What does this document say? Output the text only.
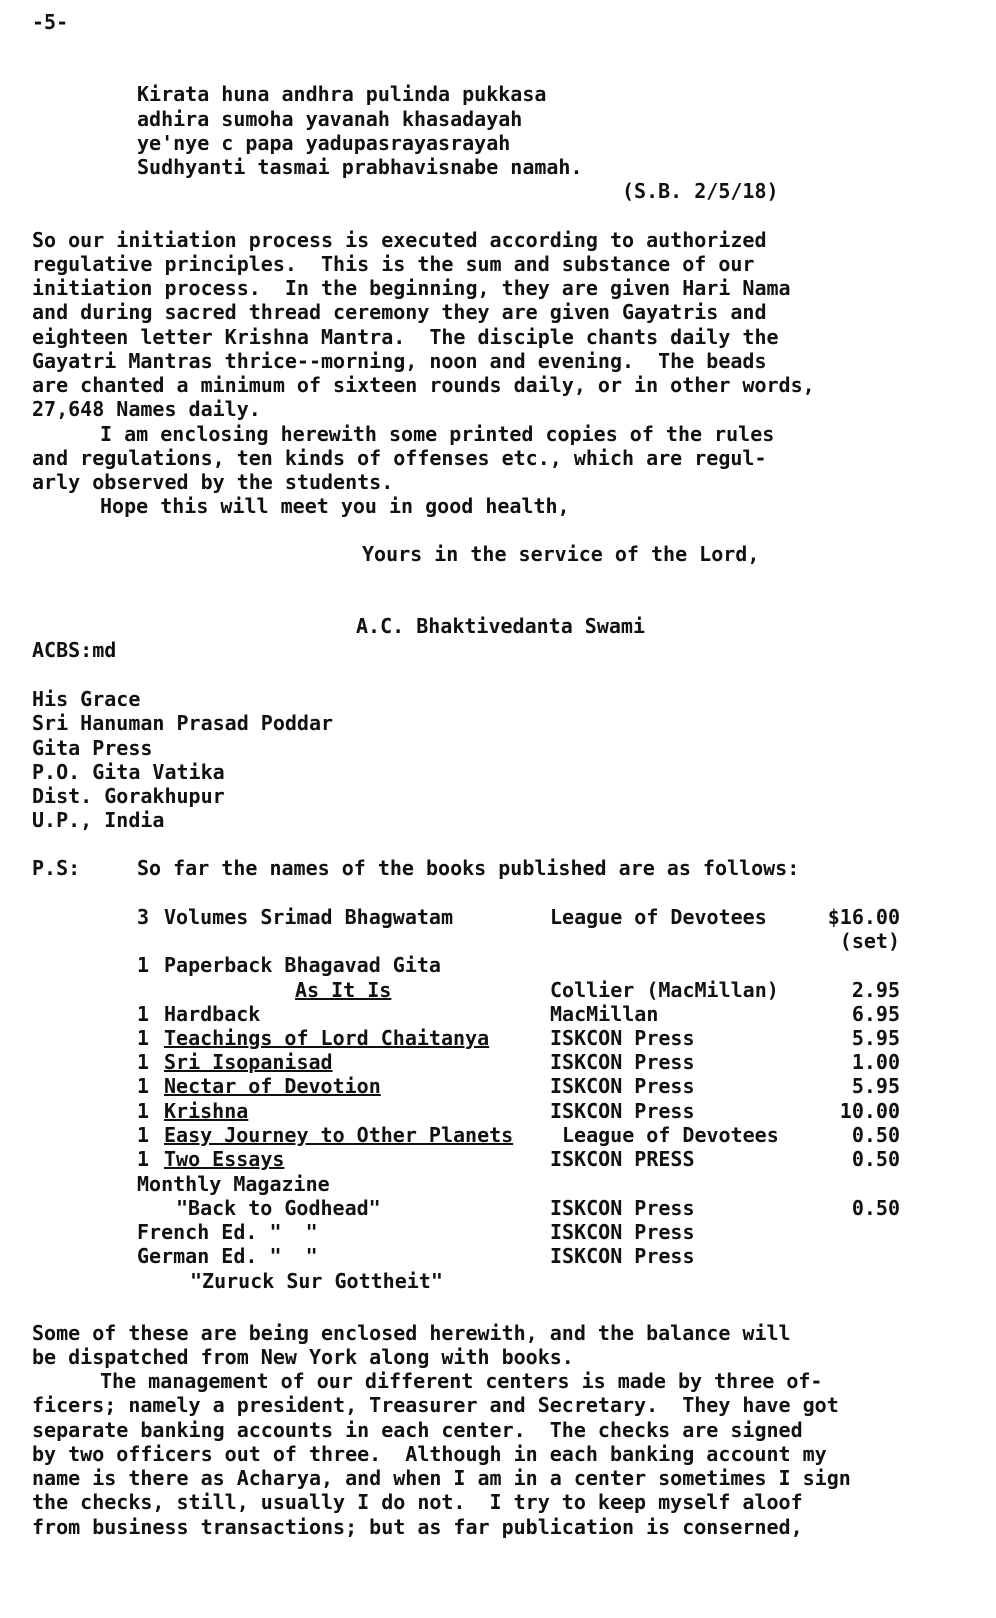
-5-
Kirata huna andhra pulinda pukkasa
adhira sumoha yavanah khasadayah
ye'nye c papa yadupasrayasrayah
Sudhyanti tasmai prabhavisnabe namah.
(S.B. 2/5/18)
So our initiation process is executed according to authorized
regulative principles.  This is the sum and substance of our
initiation process.  In the beginning, they are given Hari Nama
and during sacred thread ceremony they are given Gayatris and
eighteen letter Krishna Mantra.  The disciple chants daily the
Gayatri Mantras thrice--morning, noon and evening.  The beads
are chanted a minimum of sixteen rounds daily, or in other words,
27,648 Names daily.
I am enclosing herewith some printed copies of the rules
and regulations, ten kinds of offenses etc., which are regul-
arly observed by the students.
Hope this will meet you in good health,
Yours in the service of the Lord,
A.C. Bhaktivedanta Swami
ACBS:md
His Grace
Sri Hanuman Prasad Poddar
Gita Press
P.O. Gita Vatika
Dist. Gorakhupur
U.P., India
P.S:	So far the names of the books published are as follows:
3 Volumes Srimad Bhagwatam	League of Devotees	$16.00
(set)
1 Paperback Bhagavad Gita
As It Is	Collier (MacMillan)	2.95
1 Hardback	MacMillan	6.95
1 Teachings of Lord Chaitanya	ISKCON Press	5.95
1 Sri Isopanisad	ISKCON Press	1.00
1 Nectar of Devotion	ISKCON Press	5.95
1 Krishna	ISKCON Press	10.00
1 Easy Journey to Other Planets League of Devotees	0.50
1 Two Essays	ISKCON PRESS	0.50
Monthly Magazine
"Back to Godhead"	ISKCON Press	0.50
French Ed. "  "	ISKCON Press
German Ed. "  "	ISKCON Press
"Zuruck Sur Gottheit"
Some of these are being enclosed herewith, and the balance will
be dispatched from New York along with books.
The management of our different centers is made by three of-
ficers; namely a president, Treasurer and Secretary.  They have got
separate banking accounts in each center.  The checks are signed
by two officers out of three.  Although in each banking account my
name is there as Acharya, and when I am in a center sometimes I sign
the checks, still, usually I do not.  I try to keep myself aloof
from business transactions; but as far publication is conserned,
